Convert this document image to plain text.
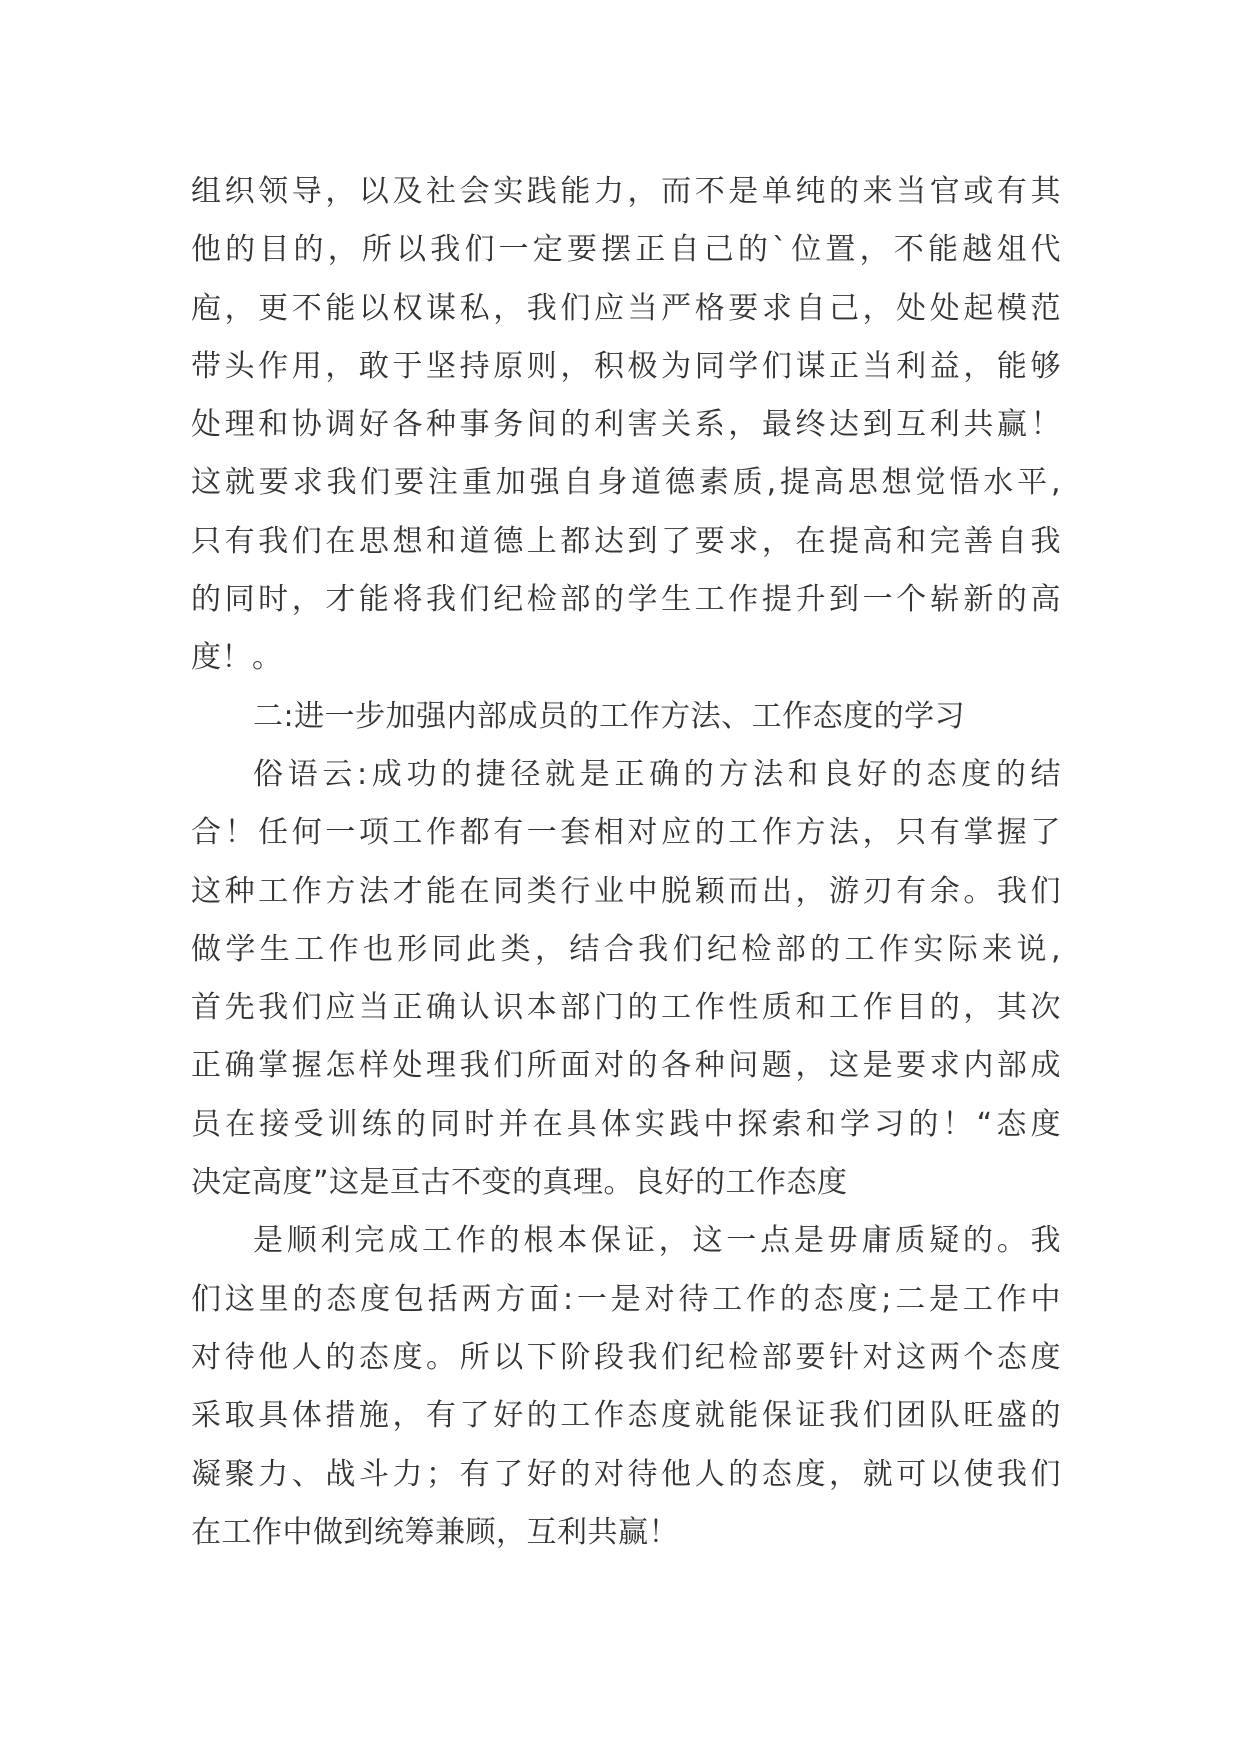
组织领导，以及社会实践能力，而不是单纯的来当官或有其
他的目的，所以我们一定要摆正自己的`位置，不能越俎代
庖，更不能以权谋私，我们应当严格要求自己，处处起模范
带头作用，敢于坚持原则，积极为同学们谋正当利益，能够
处理和协调好各种事务间的利害关系，最终达到互利共赢！
这就要求我们要注重加强自身道德素质,提高思想觉悟水平,
只有我们在思想和道德上都达到了要求，在提高和完善自我
的同时，才能将我们纪检部的学生工作提升到一个崭新的高
度！。
二:进一步加强内部成员的工作方法、工作态度的学习
俗语云:成功的捷径就是正确的方法和良好的态度的结
合！任何一项工作都有一套相对应的工作方法，只有掌握了
这种工作方法才能在同类行业中脱颖而出，游刃有余。我们
做学生工作也形同此类，结合我们纪检部的工作实际来说,
首先我们应当正确认识本部门的工作性质和工作目的，其次
正确掌握怎样处理我们所面对的各种问题，这是要求内部成
员在接受训练的同时并在具体实践中探索和学习的！“态度
决定高度”这是亘古不变的真理。良好的工作态度
是顺利完成工作的根本保证，这一点是毋庸质疑的。我
们这里的态度包括两方面:一是对待工作的态度;二是工作中
对待他人的态度。所以下阶段我们纪检部要针对这两个态度
采取具体措施，有了好的工作态度就能保证我们团队旺盛的
凝聚力、战斗力；有了好的对待他人的态度，就可以使我们
在工作中做到统筹兼顾，互利共赢！
